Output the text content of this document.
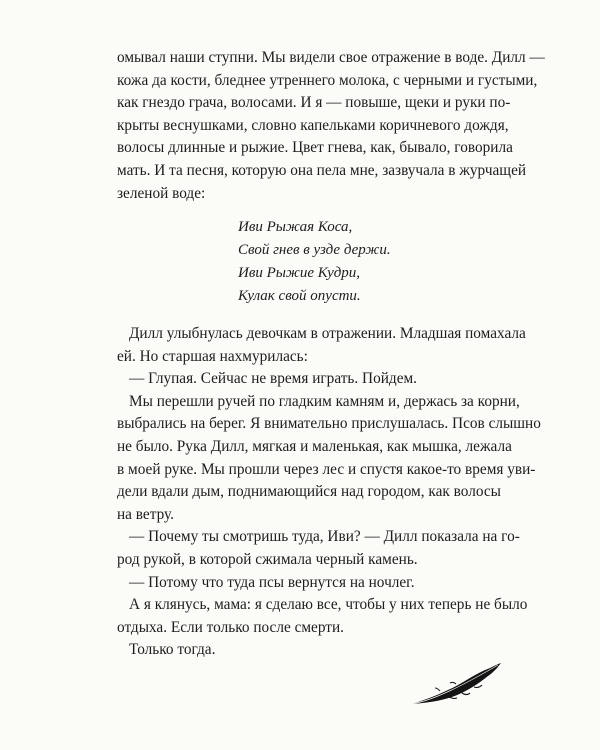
омывал наши ступни. Мы видели свое отражение в воде. Дилл —
кожа да кости, бледнее утреннего молока, с черными и густыми,
как гнездо грача, волосами. И я — повыше, щеки и руки по-
крыты веснушками, словно капельками коричневого дождя,
волосы длинные и рыжие. Цвет гнева, как, бывало, говорила
мать. И та песня, которую она пела мне, зазвучала в журчащей
зеленой воде:
Иви Рыжая Коса,
Свой гнев в узде держи.
Иви Рыжие Кудри,
Кулак свой опусти.

Дилл улыбнулась девочкам в отражении. Младшая помахала
ей. Но старшая нахмурилась:

— Глупая. Сейчас не время играть. Пойдем.

Мы перешли ручей по гладким камням и, держась за корни,
выбрались на берег. Я внимательно прислушалась. Псов слышно
не было. Рука Дилл, мягкая и маленькая, как мышка, лежала
в моей руке. Мы прошли через лес и спустя какое-то время уви-
дели вдали дым, поднимающийся над городом, как волосы
на ветру.

— Почему ты смотришь туда, Иви? — Дилл показала на го-
род рукой, в которой сжимала черный камень.

— Потому что туда псы вернутся на ночлег.

А я клянусь, мама: я сделаю все, чтобы у них теперь не было
отдыха. Если только после смерти.

Только тогда.
